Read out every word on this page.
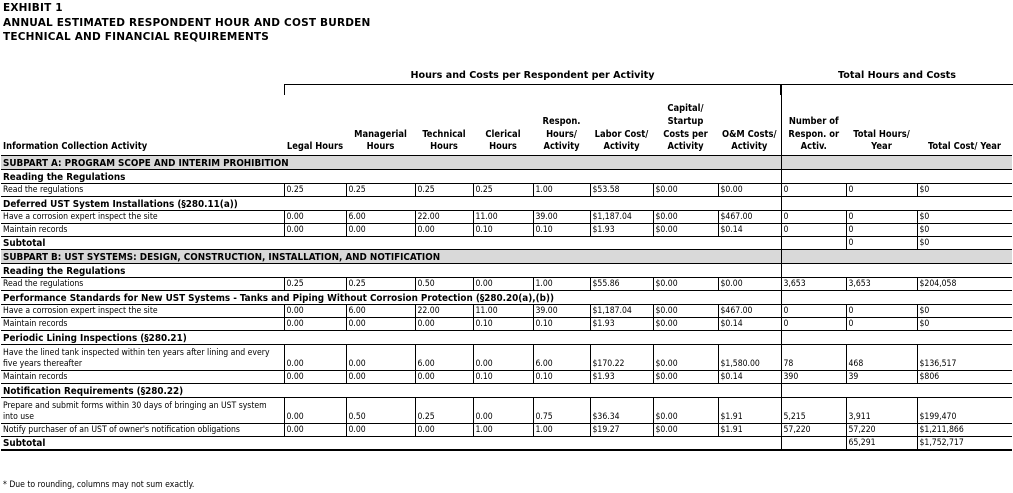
EXHIBIT 1
ANNUAL ESTIMATED RESPONDENT HOUR AND COST BURDEN
TECHNICAL AND FINANCIAL REQUIREMENTS
Hours and Costs per Respondent per Activity	Total Hours and Costs
Information Collection Activity	Legal Hours	Managerial Hours	Technical Hours	Clerical Hours	Respon. Hours/ Activity	Labor Cost/ Activity	Capital/ Startup Costs per Activity	O&M Costs/ Activity	Number of Respon. or Activ.	Total Hours/ Year	Total Cost/ Year
SUBPART A: PROGRAM SCOPE AND INTERIM PROHIBITION											
Reading the Regulations											
Read the regulations	0.25	0.25	0.25	0.25	1.00	$53.58	$0.00	$0.00	0	0	$0
Deferred UST System Installations (§280.11(a))											
Have a corrosion expert inspect the site	0.00	6.00	22.00	11.00	39.00	$1,187.04	$0.00	$467.00	0	0	$0
Maintain records	0.00	0.00	0.00	0.10	0.10	$1.93	$0.00	$0.14	0	0	$0
Subtotal										0	$0
SUBPART B: UST SYSTEMS: DESIGN, CONSTRUCTION, INSTALLATION, AND NOTIFICATION											
Reading the Regulations											
Read the regulations	0.25	0.25	0.50	0.00	1.00	$55.86	$0.00	$0.00	3,653	3,653	$204,058
Performance Standards for New UST Systems - Tanks and Piping Without Corrosion Protection (§280.20(a),(b))											
Have a corrosion expert inspect the site	0.00	6.00	22.00	11.00	39.00	$1,187.04	$0.00	$467.00	0	0	$0
Maintain records	0.00	0.00	0.00	0.10	0.10	$1.93	$0.00	$0.14	0	0	$0
Periodic Lining Inspections (§280.21)											
Have the lined tank inspected within ten years after lining and every five years thereafter	0.00	0.00	6.00	0.00	6.00	$170.22	$0.00	$1,580.00	78	468	$136,517
Maintain records	0.00	0.00	0.00	0.10	0.10	$1.93	$0.00	$0.14	390	39	$806
Notification Requirements (§280.22)											
Prepare and submit forms within 30 days of bringing an UST system into use	0.00	0.50	0.25	0.00	0.75	$36.34	$0.00	$1.91	5,215	3,911	$199,470
Notify purchaser of an UST of owner's notification obligations	0.00	0.00	0.00	1.00	1.00	$19.27	$0.00	$1.91	57,220	57,220	$1,211,866
Subtotal										65,291	$1,752,717
* Due to rounding, columns may not sum exactly.
